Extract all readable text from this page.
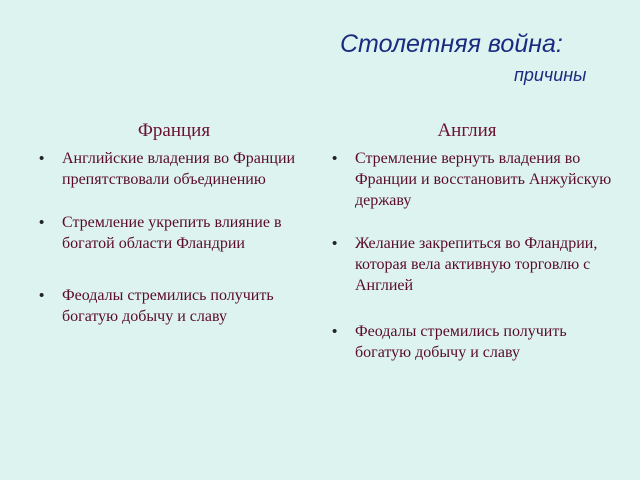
Столетняя война:
причины
Франция
• Английские владения во Франции препятствовали объединению
• Стремление укрепить влияние в богатой области Фландрии
• Феодалы стремились получить богатую добычу и славу
Англия
• Стремление вернуть владения во Франции и восстановить Анжуйскую державу
• Желание закрепиться во Фландрии, которая вела активную торговлю с Англией
• Феодалы стремились получить богатую добычу и славу
